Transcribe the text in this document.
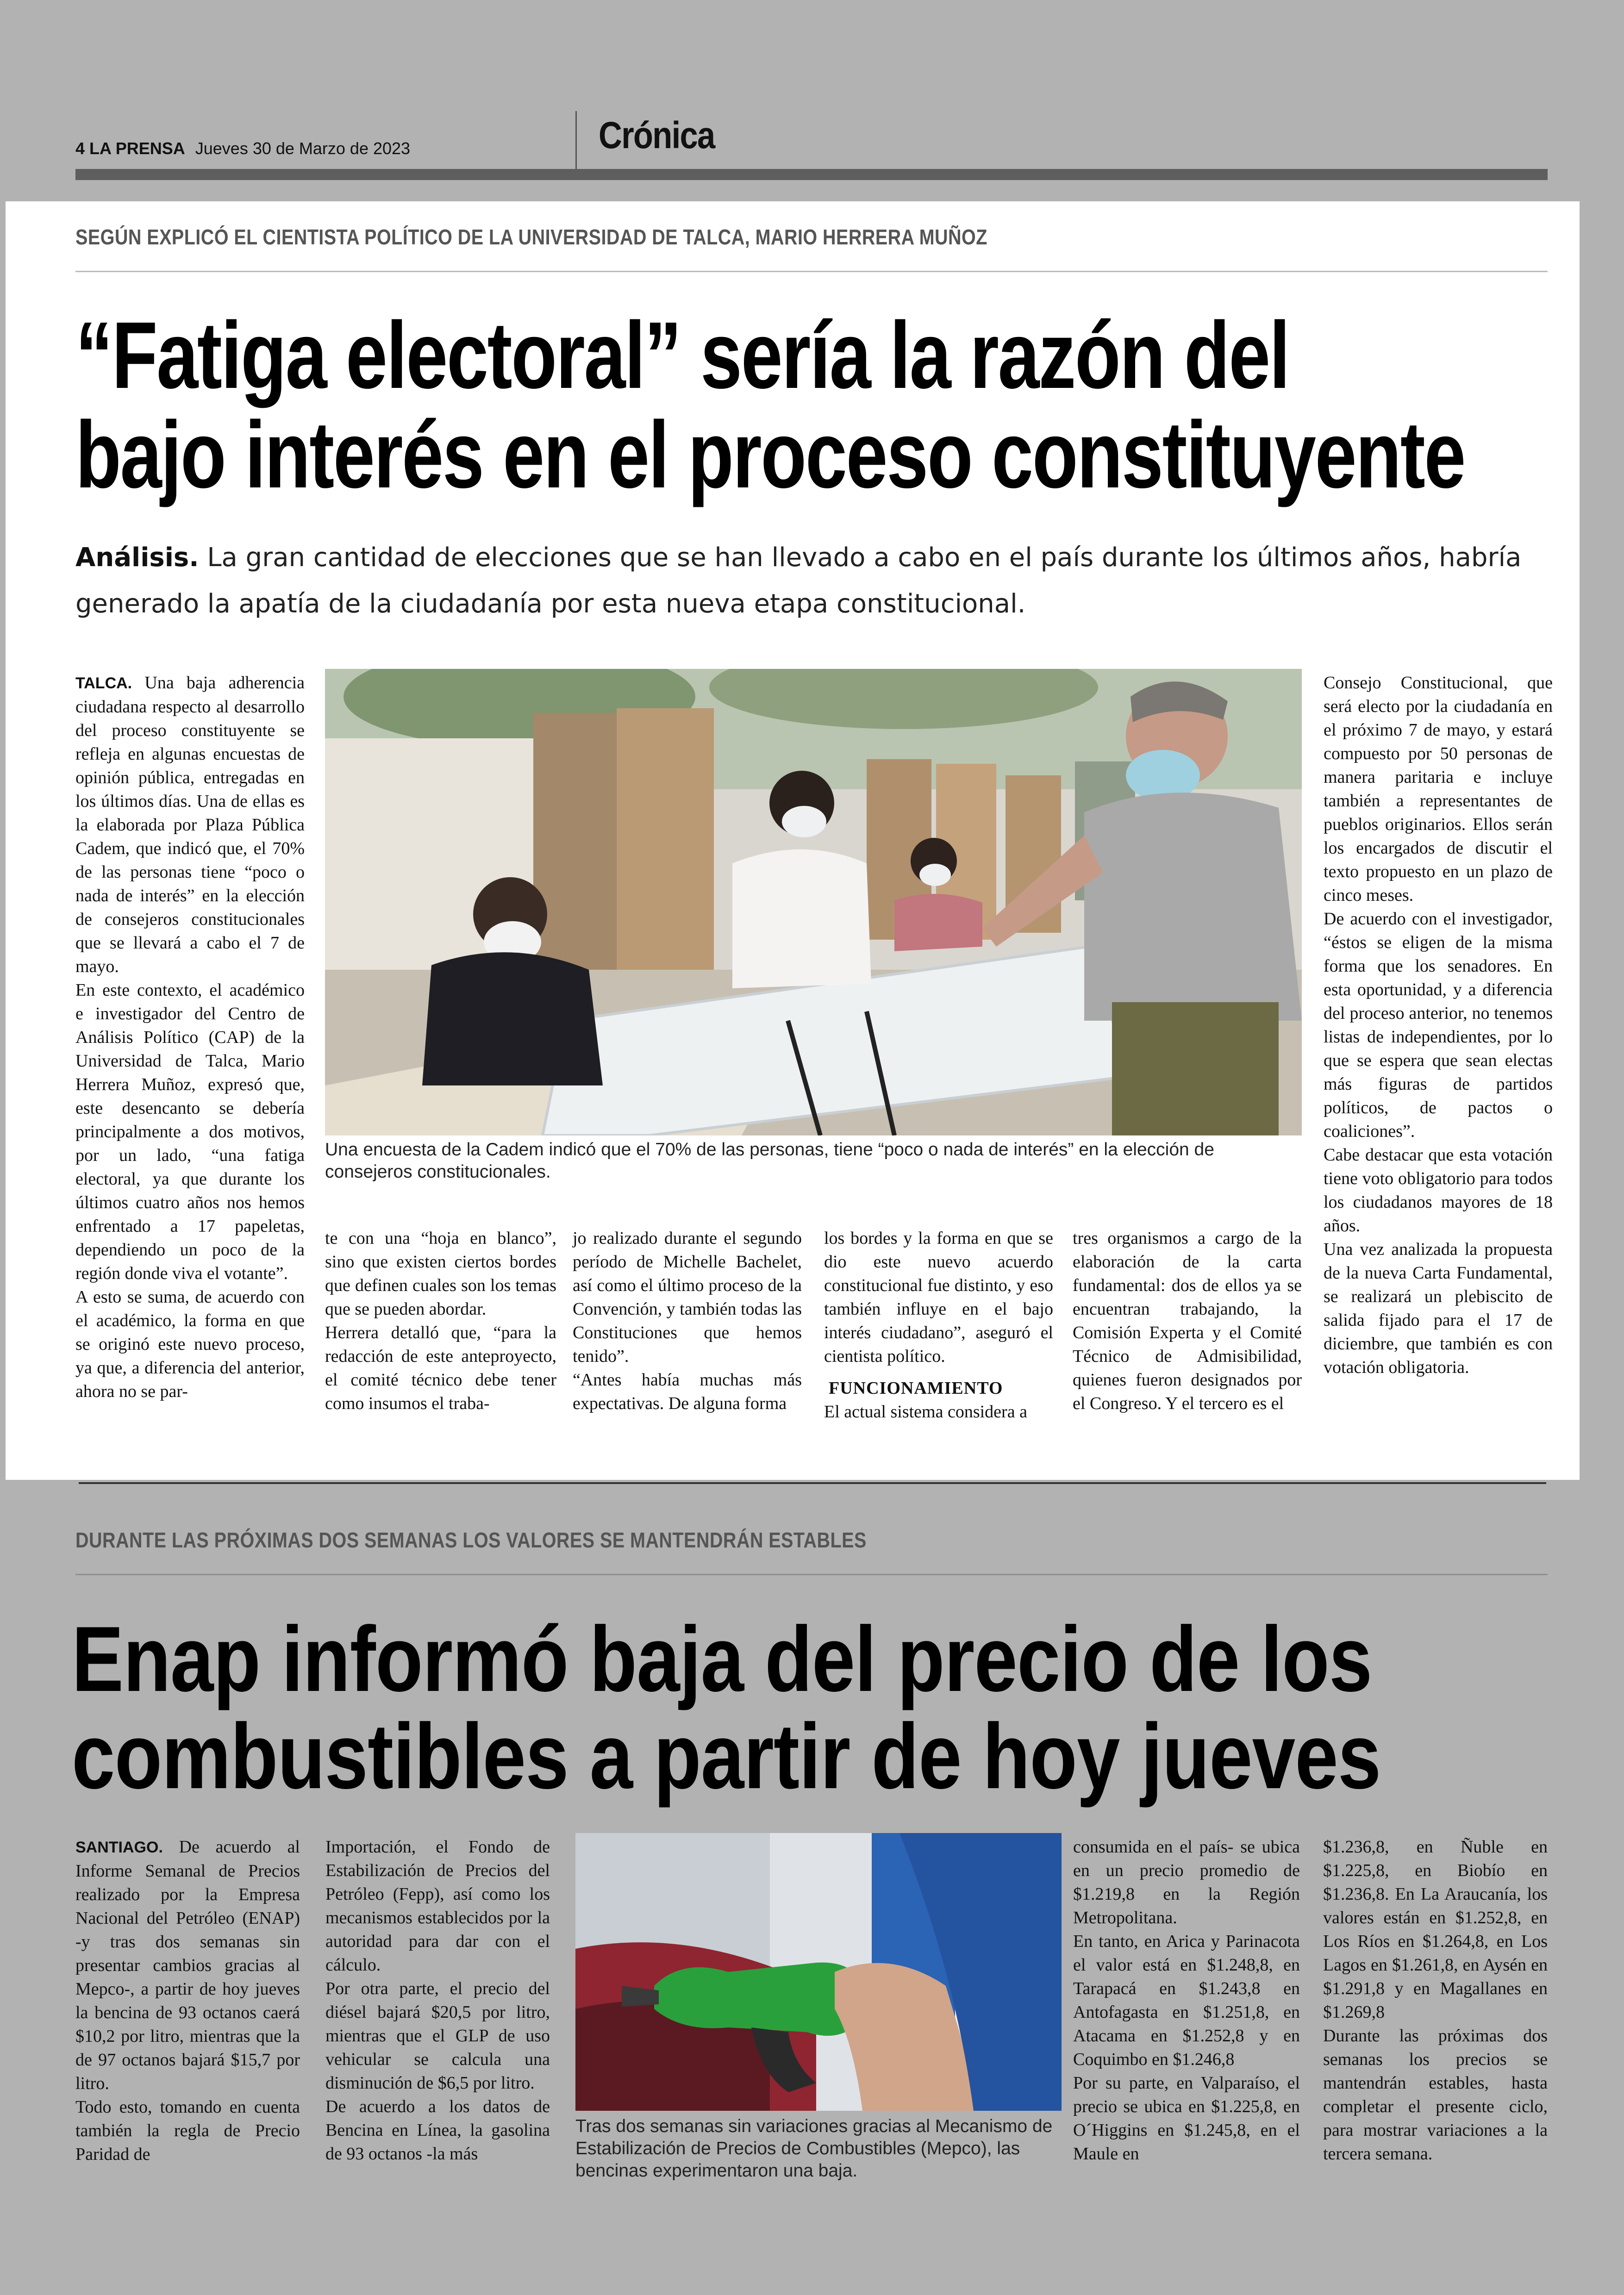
4 LA PRENSA Jueves 30 de Marzo de 2023	Crónica
SEGÚN EXPLICÓ EL CIENTISTA POLÍTICO DE LA UNIVERSIDAD DE TALCA, MARIO HERRERA MUÑOZ
“Fatiga electoral” sería la razón del
bajo interés en el proceso constituyente
Análisis. La gran cantidad de elecciones que se han llevado a cabo en el país durante los últimos años, habría generado la apatía de la ciudadanía por esta nueva etapa constitucional.

TALCA. Una baja adherencia ciudadana respecto al desarrollo del proceso constituyente se refleja en algunas encuestas de opinión pública, entregadas en los últimos días. Una de ellas es la elaborada por Plaza Pública Cadem, que indicó que, el 70% de las personas tiene “poco o nada de interés” en la elección de consejeros constitucionales que se llevará a cabo el 7 de mayo.

En este contexto, el académico e investigador del Centro de Análisis Político (CAP) de la Universidad de Talca, Mario Herrera Muñoz, expresó que, este desencanto se debería principalmente a dos motivos, por un lado, “una fatiga electoral, ya que durante los últimos cuatro años nos hemos enfrentado a 17 papeletas, dependiendo un poco de la región donde viva el votante”.

A esto se suma, de acuerdo con el académico, la forma en que se originó este nuevo proceso, ya que, a diferencia del anterior, ahora no se par-

Una encuesta de la Cadem indicó que el 70% de las personas, tiene “poco o nada de interés” en la elección de consejeros constitucionales.

te con una “hoja en blanco”, sino que existen ciertos bordes que definen cuales son los temas que se pueden abordar.

Herrera detalló que, “para la redacción de este anteproyecto, el comité técnico debe tener como insumos el traba-

jo realizado durante el segundo período de Michelle Bachelet, así como el último proceso de la Convención, y también todas las Constituciones que hemos tenido”.

“Antes había muchas más expectativas. De alguna forma

los bordes y la forma en que se dio este nuevo acuerdo constitucional fue distinto, y eso también influye en el bajo interés ciudadano”, aseguró el cientista político.

FUNCIONAMIENTO

El actual sistema considera a

tres organismos a cargo de la elaboración de la carta fundamental: dos de ellos ya se encuentran trabajando, la Comisión Experta y el Comité Técnico de Admisibilidad, quienes fueron designados por el Congreso. Y el tercero es el

Consejo Constitucional, que será electo por la ciudadanía en el próximo 7 de mayo, y estará compuesto por 50 personas de manera paritaria e incluye también a representantes de pueblos originarios. Ellos serán los encargados de discutir el texto propuesto en un plazo de cinco meses.

De acuerdo con el investigador, “éstos se eligen de la misma forma que los senadores. En esta oportunidad, y a diferencia del proceso anterior, no tenemos listas de independientes, por lo que se espera que sean electas más figuras de partidos políticos, de pactos o coaliciones”.

Cabe destacar que esta votación tiene voto obligatorio para todos los ciudadanos mayores de 18 años.

Una vez analizada la propuesta de la nueva Carta Fundamental, se realizará un plebiscito de salida fijado para el 17 de diciembre, que también es con votación obligatoria.

DURANTE LAS PRÓXIMAS DOS SEMANAS LOS VALORES SE MANTENDRÁN ESTABLES
Enap informó baja del precio de los
combustibles a partir de hoy jueves

SANTIAGO. De acuerdo al Informe Semanal de Precios realizado por la Empresa Nacional del Petróleo (ENAP) -y tras dos semanas sin presentar cambios gracias al Mepco-, a partir de hoy jueves la bencina de 93 octanos caerá $10,2 por litro, mientras que la de 97 octanos bajará $15,7 por litro.

Todo esto, tomando en cuenta también la regla de Precio Paridad de

Importación, el Fondo de Estabilización de Precios del Petróleo (Fepp), así como los mecanismos establecidos por la autoridad para dar con el cálculo.

Por otra parte, el precio del diésel bajará $20,5 por litro, mientras que el GLP de uso vehicular se calcula una disminución de $6,5 por litro.

De acuerdo a los datos de Bencina en Línea, la gasolina de 93 octanos -la más

Tras dos semanas sin variaciones gracias al Mecanismo de Estabilización de Precios de Combustibles (Mepco), las bencinas experimentaron una baja.

consumida en el país- se ubica en un precio promedio de $1.219,8 en la Región Metropolitana.

En tanto, en Arica y Parinacota el valor está en $1.248,8, en Tarapacá en $1.243,8 en Antofagasta en $1.251,8, en Atacama en $1.252,8 y en Coquimbo en $1.246,8

Por su parte, en Valparaíso, el precio se ubica en $1.225,8, en O´Higgins en $1.245,8, en el Maule en

$1.236,8, en Ñuble en $1.225,8, en Biobío en $1.236,8. En La Araucanía, los valores están en $1.252,8, en Los Ríos en $1.264,8, en Los Lagos en $1.261,8, en Aysén en $1.291,8 y en Magallanes en $1.269,8

Durante las próximas dos semanas los precios se mantendrán estables, hasta completar el presente ciclo, para mostrar variaciones a la tercera semana.
